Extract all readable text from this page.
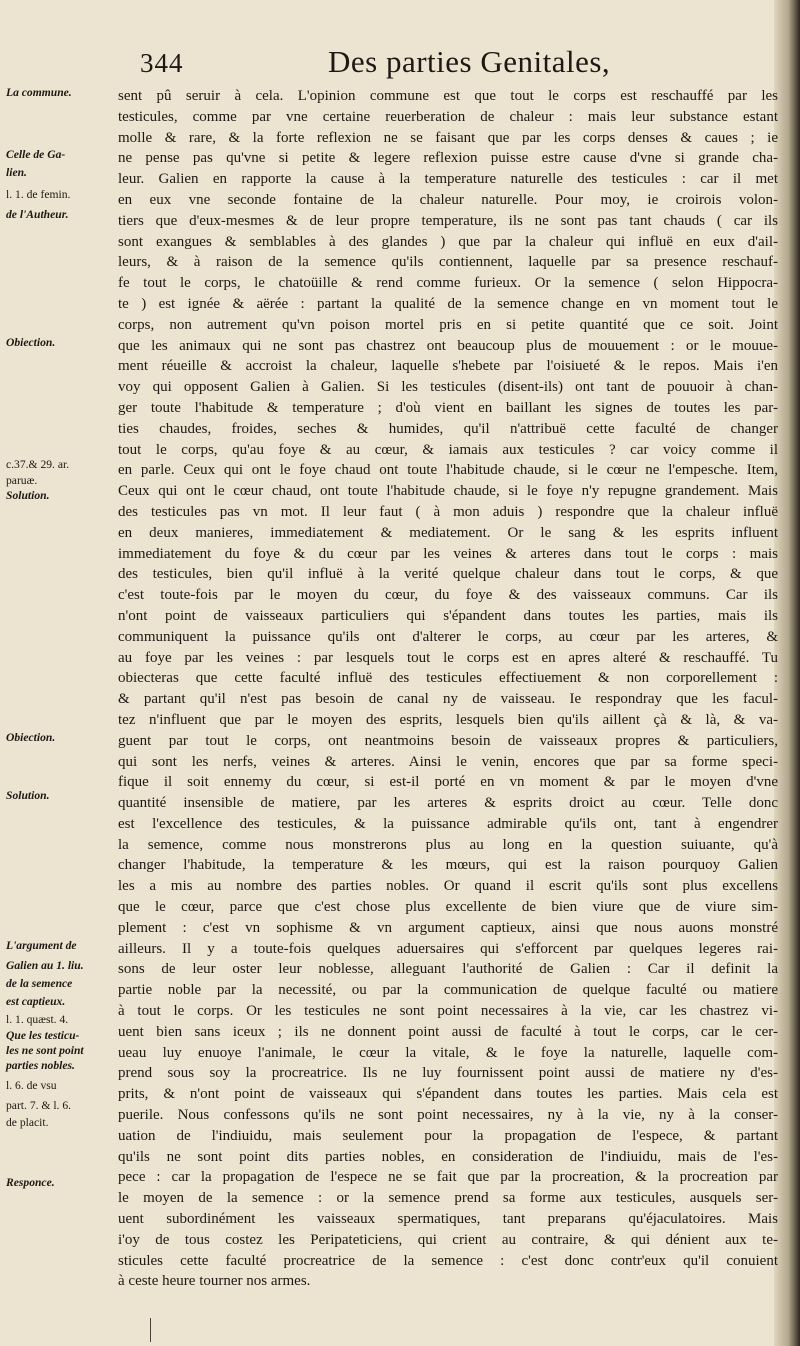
344	Des parties Genitales,
La commune.
Celle de Ga-
lien.
l. 1. de femin.
de l'Autheur.
Obiection.
c.37.& 29. ar.
paruæ.
Solution.
Obiection.
Solution.
L'argument de
Galien au 1. liu.
de la semence
est captieux.
l. 1. quæst. 4.
Que les testicu-
les ne sont point
parties nobles.
l. 6. de vsu
part. 7. & l. 6.
de placit.
Responce.
sent pû seruir à cela. L'opinion commune est que tout le corps est reschauffé par les
testicules, comme par vne certaine reuerberation de chaleur : mais leur substance estant
molle & rare, & la forte reflexion ne se faisant que par les corps denses & caues ; ie
ne pense pas qu'vne si petite & legere reflexion puisse estre cause d'vne si grande cha-
leur. Galien en rapporte la cause à la temperature naturelle des testicules : car il met
en eux vne seconde fontaine de la chaleur naturelle. Pour moy, ie croirois volon-
tiers que d'eux-mesmes & de leur propre temperature, ils ne sont pas tant chauds ( car ils
sont exangues & semblables à des glandes ) que par la chaleur qui influë en eux d'ail-
leurs, & à raison de la semence qu'ils contiennent, laquelle par sa presence reschauf-
fe tout le corps, le chatoüille & rend comme furieux. Or la semence ( selon Hippocra-
te ) est ignée & aërée : partant la qualité de la semence change en vn moment tout le
corps, non autrement qu'vn poison mortel pris en si petite quantité que ce soit. Joint
que les animaux qui ne sont pas chastrez ont beaucoup plus de mouuement : or le mouue-
ment réueille & accroist la chaleur, laquelle s'hebete par l'oisiueté & le repos. Mais i'en
voy qui opposent Galien à Galien. Si les testicules (disent-ils) ont tant de pouuoir à chan-
ger toute l'habitude & temperature ; d'où vient en baillant les signes de toutes les par-
ties chaudes, froides, seches & humides, qu'il n'attribuë cette faculté de changer
tout le corps, qu'au foye & au cœur, & iamais aux testicules ? car voicy comme il
en parle. Ceux qui ont le foye chaud ont toute l'habitude chaude, si le cœur ne l'empesche. Item,
Ceux qui ont le cœur chaud, ont toute l'habitude chaude, si le foye n'y repugne grandement. Mais
des testicules pas vn mot. Il leur faut ( à mon aduis ) respondre que la chaleur influë
en deux manieres, immediatement & mediatement. Or le sang & les esprits influent
immediatement du foye & du cœur par les veines & arteres dans tout le corps : mais
des testicules, bien qu'il influë à la verité quelque chaleur dans tout le corps, & que
c'est toute-fois par le moyen du cœur, du foye & des vaisseaux communs. Car ils
n'ont point de vaisseaux particuliers qui s'épandent dans toutes les parties, mais ils
communiquent la puissance qu'ils ont d'alterer le corps, au cœur par les arteres, &
au foye par les veines : par lesquels tout le corps est en apres alteré & reschauffé. Tu
obiecteras que cette faculté influë des testicules effectiuement & non corporellement :
& partant qu'il n'est pas besoin de canal ny de vaisseau. Ie respondray que les facul-
tez n'influent que par le moyen des esprits, lesquels bien qu'ils aillent çà & là, & va-
guent par tout le corps, ont neantmoins besoin de vaisseaux propres & particuliers,
qui sont les nerfs, veines & arteres. Ainsi le venin, encores que par sa forme speci-
fique il soit ennemy du cœur, si est-il porté en vn moment & par le moyen d'vne
quantité insensible de matiere, par les arteres & esprits droict au cœur. Telle donc
est l'excellence des testicules, & la puissance admirable qu'ils ont, tant à engendrer
la semence, comme nous monstrerons plus au long en la question suiuante, qu'à
changer l'habitude, la temperature & les mœurs, qui est la raison pourquoy Galien
les a mis au nombre des parties nobles. Or quand il escrit qu'ils sont plus excellens
que le cœur, parce que c'est chose plus excellente de bien viure que de viure sim-
plement : c'est vn sophisme & vn argument captieux, ainsi que nous auons monstré
ailleurs. Il y a toute-fois quelques aduersaires qui s'efforcent par quelques legeres rai-
sons de leur oster leur noblesse, alleguant l'authorité de Galien : Car il definit la
partie noble par la necessité, ou par la communication de quelque faculté ou matiere
à tout le corps. Or les testicules ne sont point necessaires à la vie, car les chastrez vi-
uent bien sans iceux ; ils ne donnent point aussi de faculté à tout le corps, car le cer-
ueau luy enuoye l'animale, le cœur la vitale, & le foye la naturelle, laquelle com-
prend sous soy la procreatrice. Ils ne luy fournissent point aussi de matiere ny d'es-
prits, & n'ont point de vaisseaux qui s'épandent dans toutes les parties. Mais cela est
puerile. Nous confessons qu'ils ne sont point necessaires, ny à la vie, ny à la conser-
uation de l'indiuidu, mais seulement pour la propagation de l'espece, & partant
qu'ils ne sont point dits parties nobles, en consideration de l'indiuidu, mais de l'es-
pece : car la propagation de l'espece ne se fait que par la procreation, & la procreation par
le moyen de la semence : or la semence prend sa forme aux testicules, ausquels ser-
uent subordinément les vaisseaux spermatiques, tant preparans qu'éjaculatoires. Mais
i'oy de tous costez les Peripateticiens, qui crient au contraire, & qui dénient aux te-
sticules cette faculté procreatrice de la semence : c'est donc contr'eux qu'il conuient
à ceste heure tourner nos armes.
